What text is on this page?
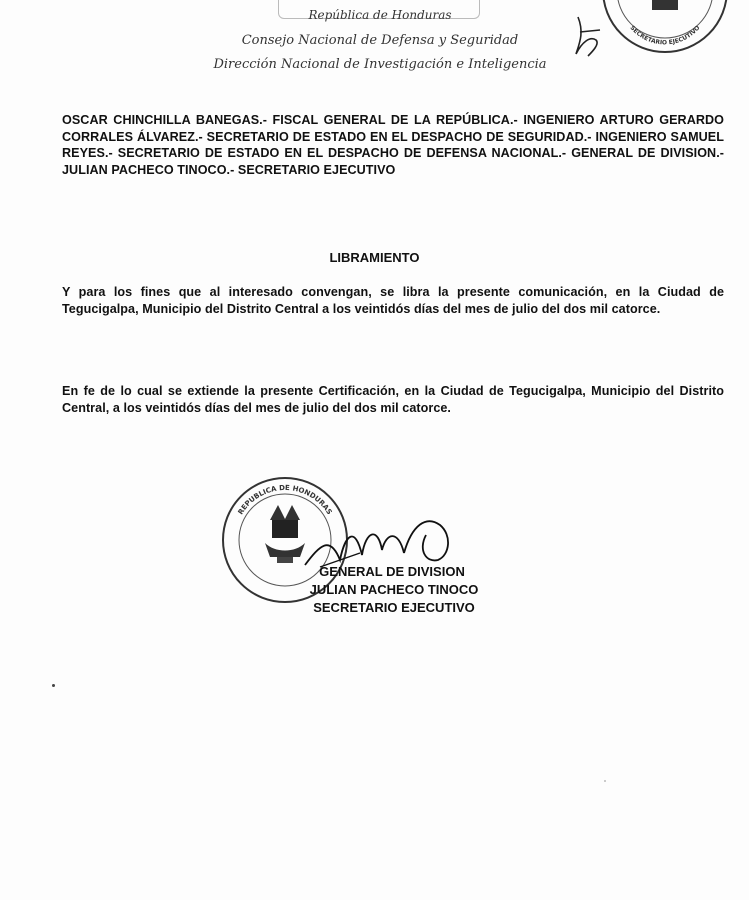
República de Honduras
Consejo Nacional de Defensa y Seguridad
Dirección Nacional de Investigación e Inteligencia
SECRETARIO EJECUTIVO
OSCAR CHINCHILLA BANEGAS.- FISCAL GENERAL DE LA REPÚBLICA.- INGENIERO ARTURO GERARDO CORRALES ÁLVAREZ.- SECRETARIO DE ESTADO EN EL DESPACHO DE SEGURIDAD.- INGENIERO SAMUEL REYES.- SECRETARIO DE ESTADO EN EL DESPACHO DE DEFENSA NACIONAL.- GENERAL DE DIVISION.- JULIAN PACHECO TINOCO.- SECRETARIO EJECUTIVO
LIBRAMIENTO
Y para los fines que al interesado convengan, se libra la presente comunicación, en la Ciudad de Tegucigalpa, Municipio del Distrito Central a los veintidós días del mes de julio del dos mil catorce.
En fe de lo cual se extiende la presente Certificación, en la Ciudad de Tegucigalpa, Municipio del Distrito Central, a los veintidós días del mes de julio del dos mil catorce.
REPUBLICA DE HONDURAS
GENERAL DE DIVISION
JULIAN PACHECO TINOCO
SECRETARIO EJECUTIVO
